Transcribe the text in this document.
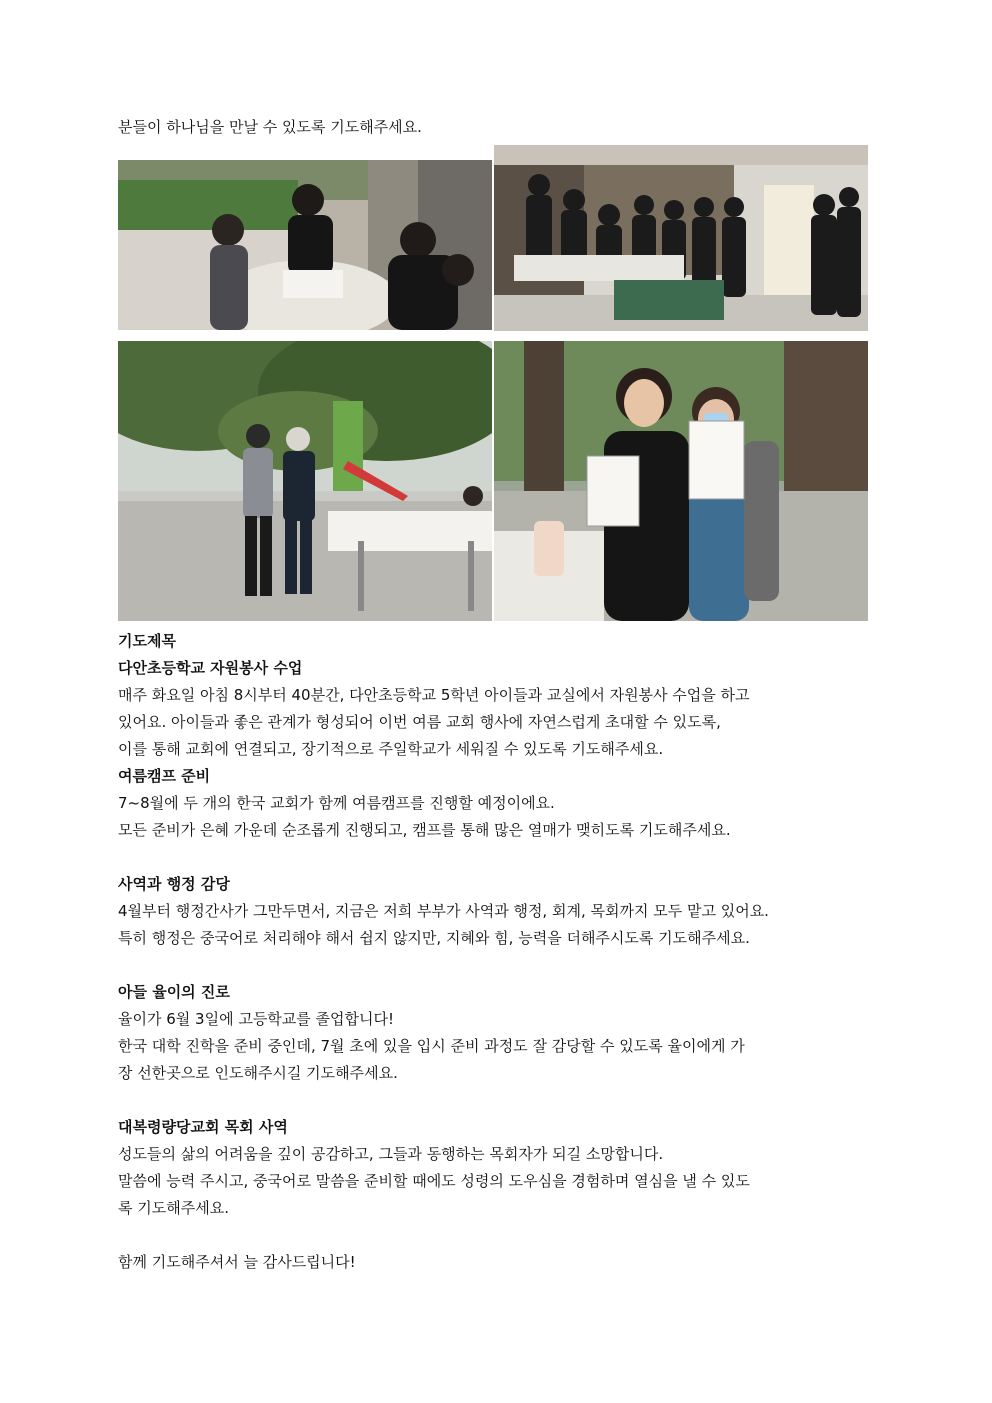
분들이 하나님을 만날 수 있도록 기도해주세요.

기도제목

다안초등학교 자원봉사 수업

매주 화요일 아침 8시부터 40분간, 다안초등학교 5학년 아이들과 교실에서 자원봉사 수업을 하고

있어요. 아이들과 좋은 관계가 형성되어 이번 여름 교회 행사에 자연스럽게 초대할 수 있도록,

이를 통해 교회에 연결되고, 장기적으로 주일학교가 세워질 수 있도록 기도해주세요.

여름캠프 준비

7~8월에 두 개의 한국 교회가 함께 여름캠프를 진행할 예정이에요.

모든 준비가 은혜 가운데 순조롭게 진행되고, 캠프를 통해 많은 열매가 맺히도록 기도해주세요.

사역과 행정 감당

4월부터 행정간사가 그만두면서, 지금은 저희 부부가 사역과 행정, 회계, 목회까지 모두 맡고 있어요.

특히 행정은 중국어로 처리해야 해서 쉽지 않지만, 지혜와 힘, 능력을 더해주시도록 기도해주세요.

아들 율이의 진로

율이가 6월 3일에 고등학교를 졸업합니다!

한국 대학 진학을 준비 중인데, 7월 초에 있을 입시 준비 과정도 잘 감당할 수 있도록 율이에게 가

장 선한곳으로 인도해주시길 기도해주세요.

대복령량당교회 목회 사역

성도들의 삶의 어려움을 깊이 공감하고, 그들과 동행하는 목회자가 되길 소망합니다.

말씀에 능력 주시고, 중국어로 말씀을 준비할 때에도 성령의 도우심을 경험하며 열심을 낼 수 있도

록 기도해주세요.

함께 기도해주셔서 늘 감사드립니다!
